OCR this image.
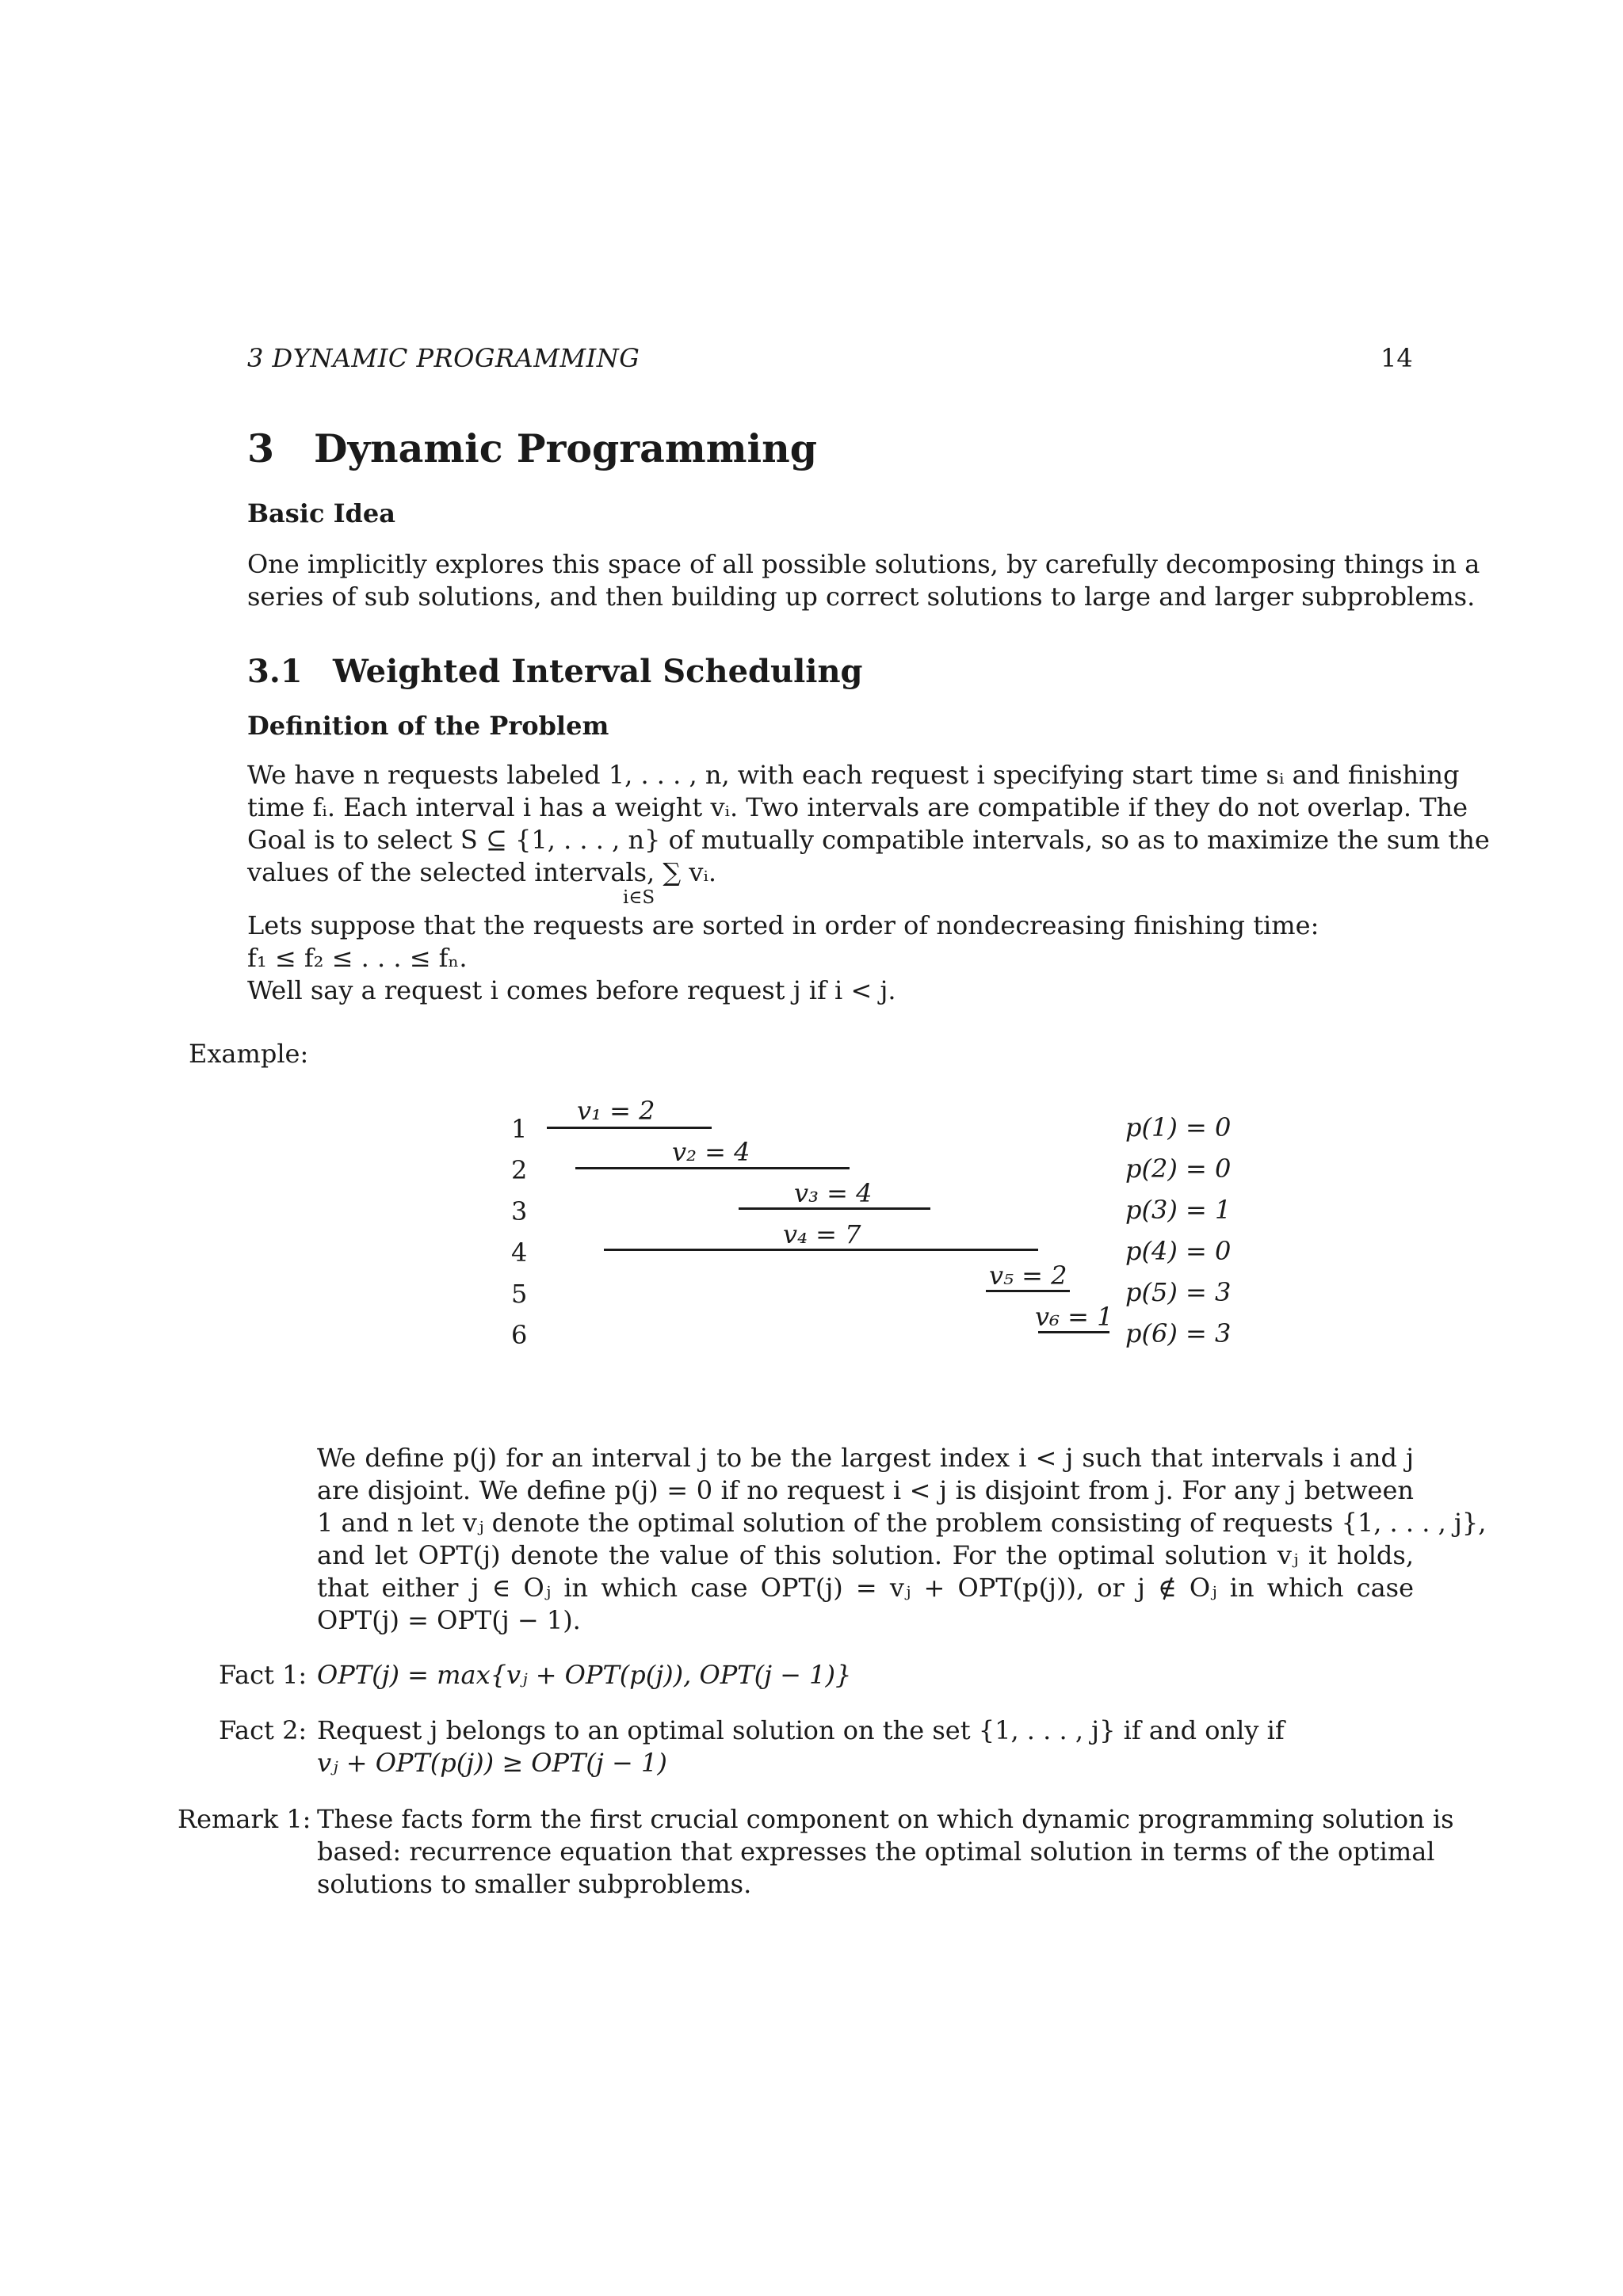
3 DYNAMIC PROGRAMMING	14
3 Dynamic Programming
Basic Idea
One implicitly explores this space of all possible solutions, by carefully decomposing things in a
series of sub solutions, and then building up correct solutions to large and larger subproblems.
3.1 Weighted Interval Scheduling
Definition of the Problem
We have n requests labeled 1, . . . , n, with each request i specifying start time sᵢ and finishing
time fᵢ. Each interval i has a weight vᵢ. Two intervals are compatible if they do not overlap. The
Goal is to select S ⊆ {1, . . . , n} of mutually compatible intervals, so as to maximize the sum the
values of the selected intervals, ∑ vᵢ.
i∈S
Lets suppose that the requests are sorted in order of nondecreasing finishing time:
f₁ ≤ f₂ ≤ . . . ≤ fₙ.
Well say a request i comes before request j if i < j.
Example:
1
2
3
4
5
6
v₁ = 2
v₂ = 4
v₃ = 4
v₄ = 7
v₅ = 2
v₆ = 1
p(1) = 0
p(2) = 0
p(3) = 1
p(4) = 0
p(5) = 3
p(6) = 3
We define p(j) for an interval j to be the largest index i < j such that intervals i and j
are disjoint. We define p(j) = 0 if no request i < j is disjoint from j. For any j between
1 and n let vⱼ denote the optimal solution of the problem consisting of requests {1, . . . , j},
and let OPT(j) denote the value of this solution. For the optimal solution vⱼ it holds,
that either j ∈ Oⱼ in which case OPT(j) = vⱼ + OPT(p(j)), or j ∉ Oⱼ in which case
OPT(j) = OPT(j − 1).
Fact 1: OPT(j) = max{vⱼ + OPT(p(j)), OPT(j − 1)}
Fact 2: Request j belongs to an optimal solution on the set {1, . . . , j} if and only if
vⱼ + OPT(p(j)) ≥ OPT(j − 1)
Remark 1: These facts form the first crucial component on which dynamic programming solution is
based: recurrence equation that expresses the optimal solution in terms of the optimal
solutions to smaller subproblems.
